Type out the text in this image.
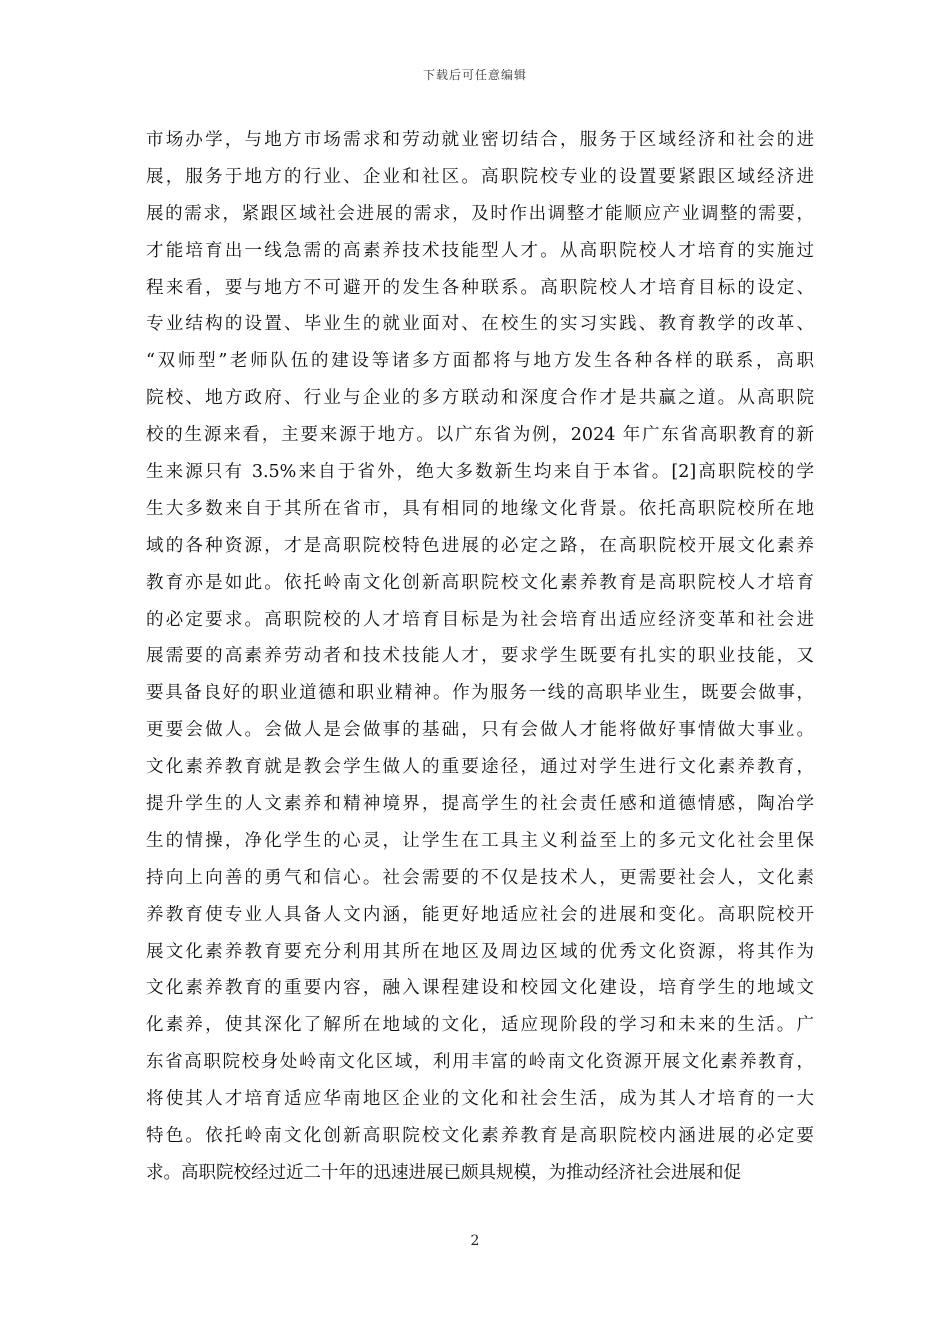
下载后可任意编辑
市场办学，与地方市场需求和劳动就业密切结合，服务于区域经济和社会的进
展，服务于地方的行业、企业和社区。高职院校专业的设置要紧跟区域经济进
展的需求，紧跟区域社会进展的需求，及时作出调整才能顺应产业调整的需要，
才能培育出一线急需的高素养技术技能型人才。从高职院校人才培育的实施过
程来看，要与地方不可避开的发生各种联系。高职院校人才培育目标的设定、
专业结构的设置、毕业生的就业面对、在校生的实习实践、教育教学的改革、
“双师型”老师队伍的建设等诸多方面都将与地方发生各种各样的联系，高职
院校、地方政府、行业与企业的多方联动和深度合作才是共赢之道。从高职院
校的生源来看，主要来源于地方。以广东省为例，2024 年广东省高职教育的新
生来源只有 3.5%来自于省外，绝大多数新生均来自于本省。[2]高职院校的学
生大多数来自于其所在省市，具有相同的地缘文化背景。依托高职院校所在地
域的各种资源，才是高职院校特色进展的必定之路，在高职院校开展文化素养
教育亦是如此。依托岭南文化创新高职院校文化素养教育是高职院校人才培育
的必定要求。高职院校的人才培育目标是为社会培育出适应经济变革和社会进
展需要的高素养劳动者和技术技能人才，要求学生既要有扎实的职业技能，又
要具备良好的职业道德和职业精神。作为服务一线的高职毕业生，既要会做事，
更要会做人。会做人是会做事的基础，只有会做人才能将做好事情做大事业。
文化素养教育就是教会学生做人的重要途径，通过对学生进行文化素养教育，
提升学生的人文素养和精神境界，提高学生的社会责任感和道德情感，陶冶学
生的情操，净化学生的心灵，让学生在工具主义利益至上的多元文化社会里保
持向上向善的勇气和信心。社会需要的不仅是技术人，更需要社会人，文化素
养教育使专业人具备人文内涵，能更好地适应社会的进展和变化。高职院校开
展文化素养教育要充分利用其所在地区及周边区域的优秀文化资源，将其作为
文化素养教育的重要内容，融入课程建设和校园文化建设，培育学生的地域文
化素养，使其深化了解所在地域的文化，适应现阶段的学习和未来的生活。广
东省高职院校身处岭南文化区域，利用丰富的岭南文化资源开展文化素养教育，
将使其人才培育适应华南地区企业的文化和社会生活，成为其人才培育的一大
特色。依托岭南文化创新高职院校文化素养教育是高职院校内涵进展的必定要
求。高职院校经过近二十年的迅速进展已颇具规模，为推动经济社会进展和促
2
